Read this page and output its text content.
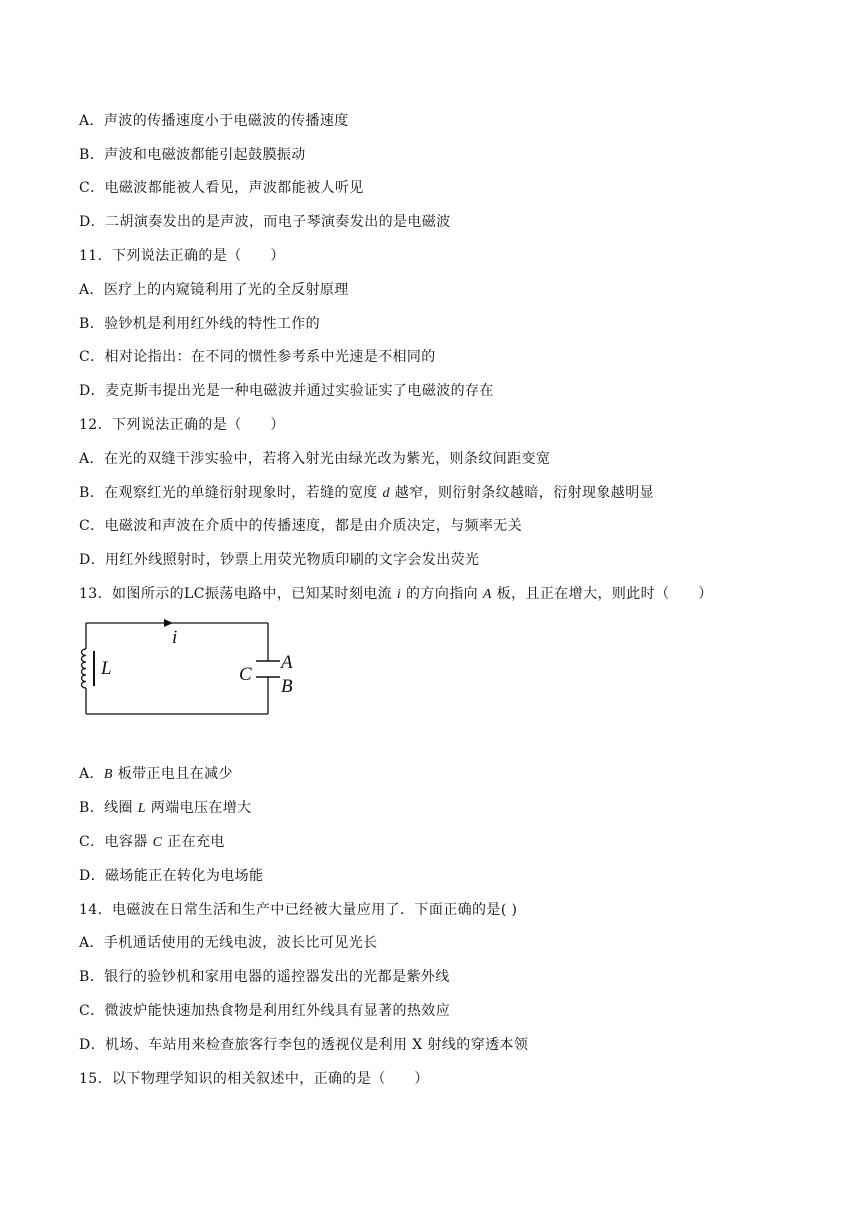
A．声波的传播速度小于电磁波的传播速度
B．声波和电磁波都能引起鼓膜振动
C．电磁波都能被人看见，声波都能被人听见
D．二胡演奏发出的是声波，而电子琴演奏发出的是电磁波
11．下列说法正确的是（　　）
A．医疗上的内窥镜利用了光的全反射原理
B．验钞机是利用红外线的特性工作的
C．相对论指出：在不同的惯性参考系中光速是不相同的
D．麦克斯韦提出光是一种电磁波并通过实验证实了电磁波的存在
12．下列说法正确的是（　　）
A．在光的双缝干涉实验中，若将入射光由绿光改为紫光，则条纹间距变宽
B．在观察红光的单缝衍射现象时，若缝的宽度 d 越窄，则衍射条纹越暗，衍射现象越明显
C．电磁波和声波在介质中的传播速度，都是由介质决定，与频率无关
D．用红外线照射时，钞票上用荧光物质印刷的文字会发出荧光
13．如图所示的LC振荡电路中，已知某时刻电流 i 的方向指向 A 板，且正在增大，则此时（　　）
i
L	C
A
B
A．B 板带正电且在减少
B．线圈 L 两端电压在增大
C．电容器 C 正在充电
D．磁场能正在转化为电场能
14．电磁波在日常生活和生产中已经被大量应用了．下面正确的是( )
A．手机通话使用的无线电波，波长比可见光长
B．银行的验钞机和家用电器的遥控器发出的光都是紫外线
C．微波炉能快速加热食物是利用红外线具有显著的热效应
D．机场、车站用来检查旅客行李包的透视仪是利用 X 射线的穿透本领
15．以下物理学知识的相关叙述中，正确的是（　　）
